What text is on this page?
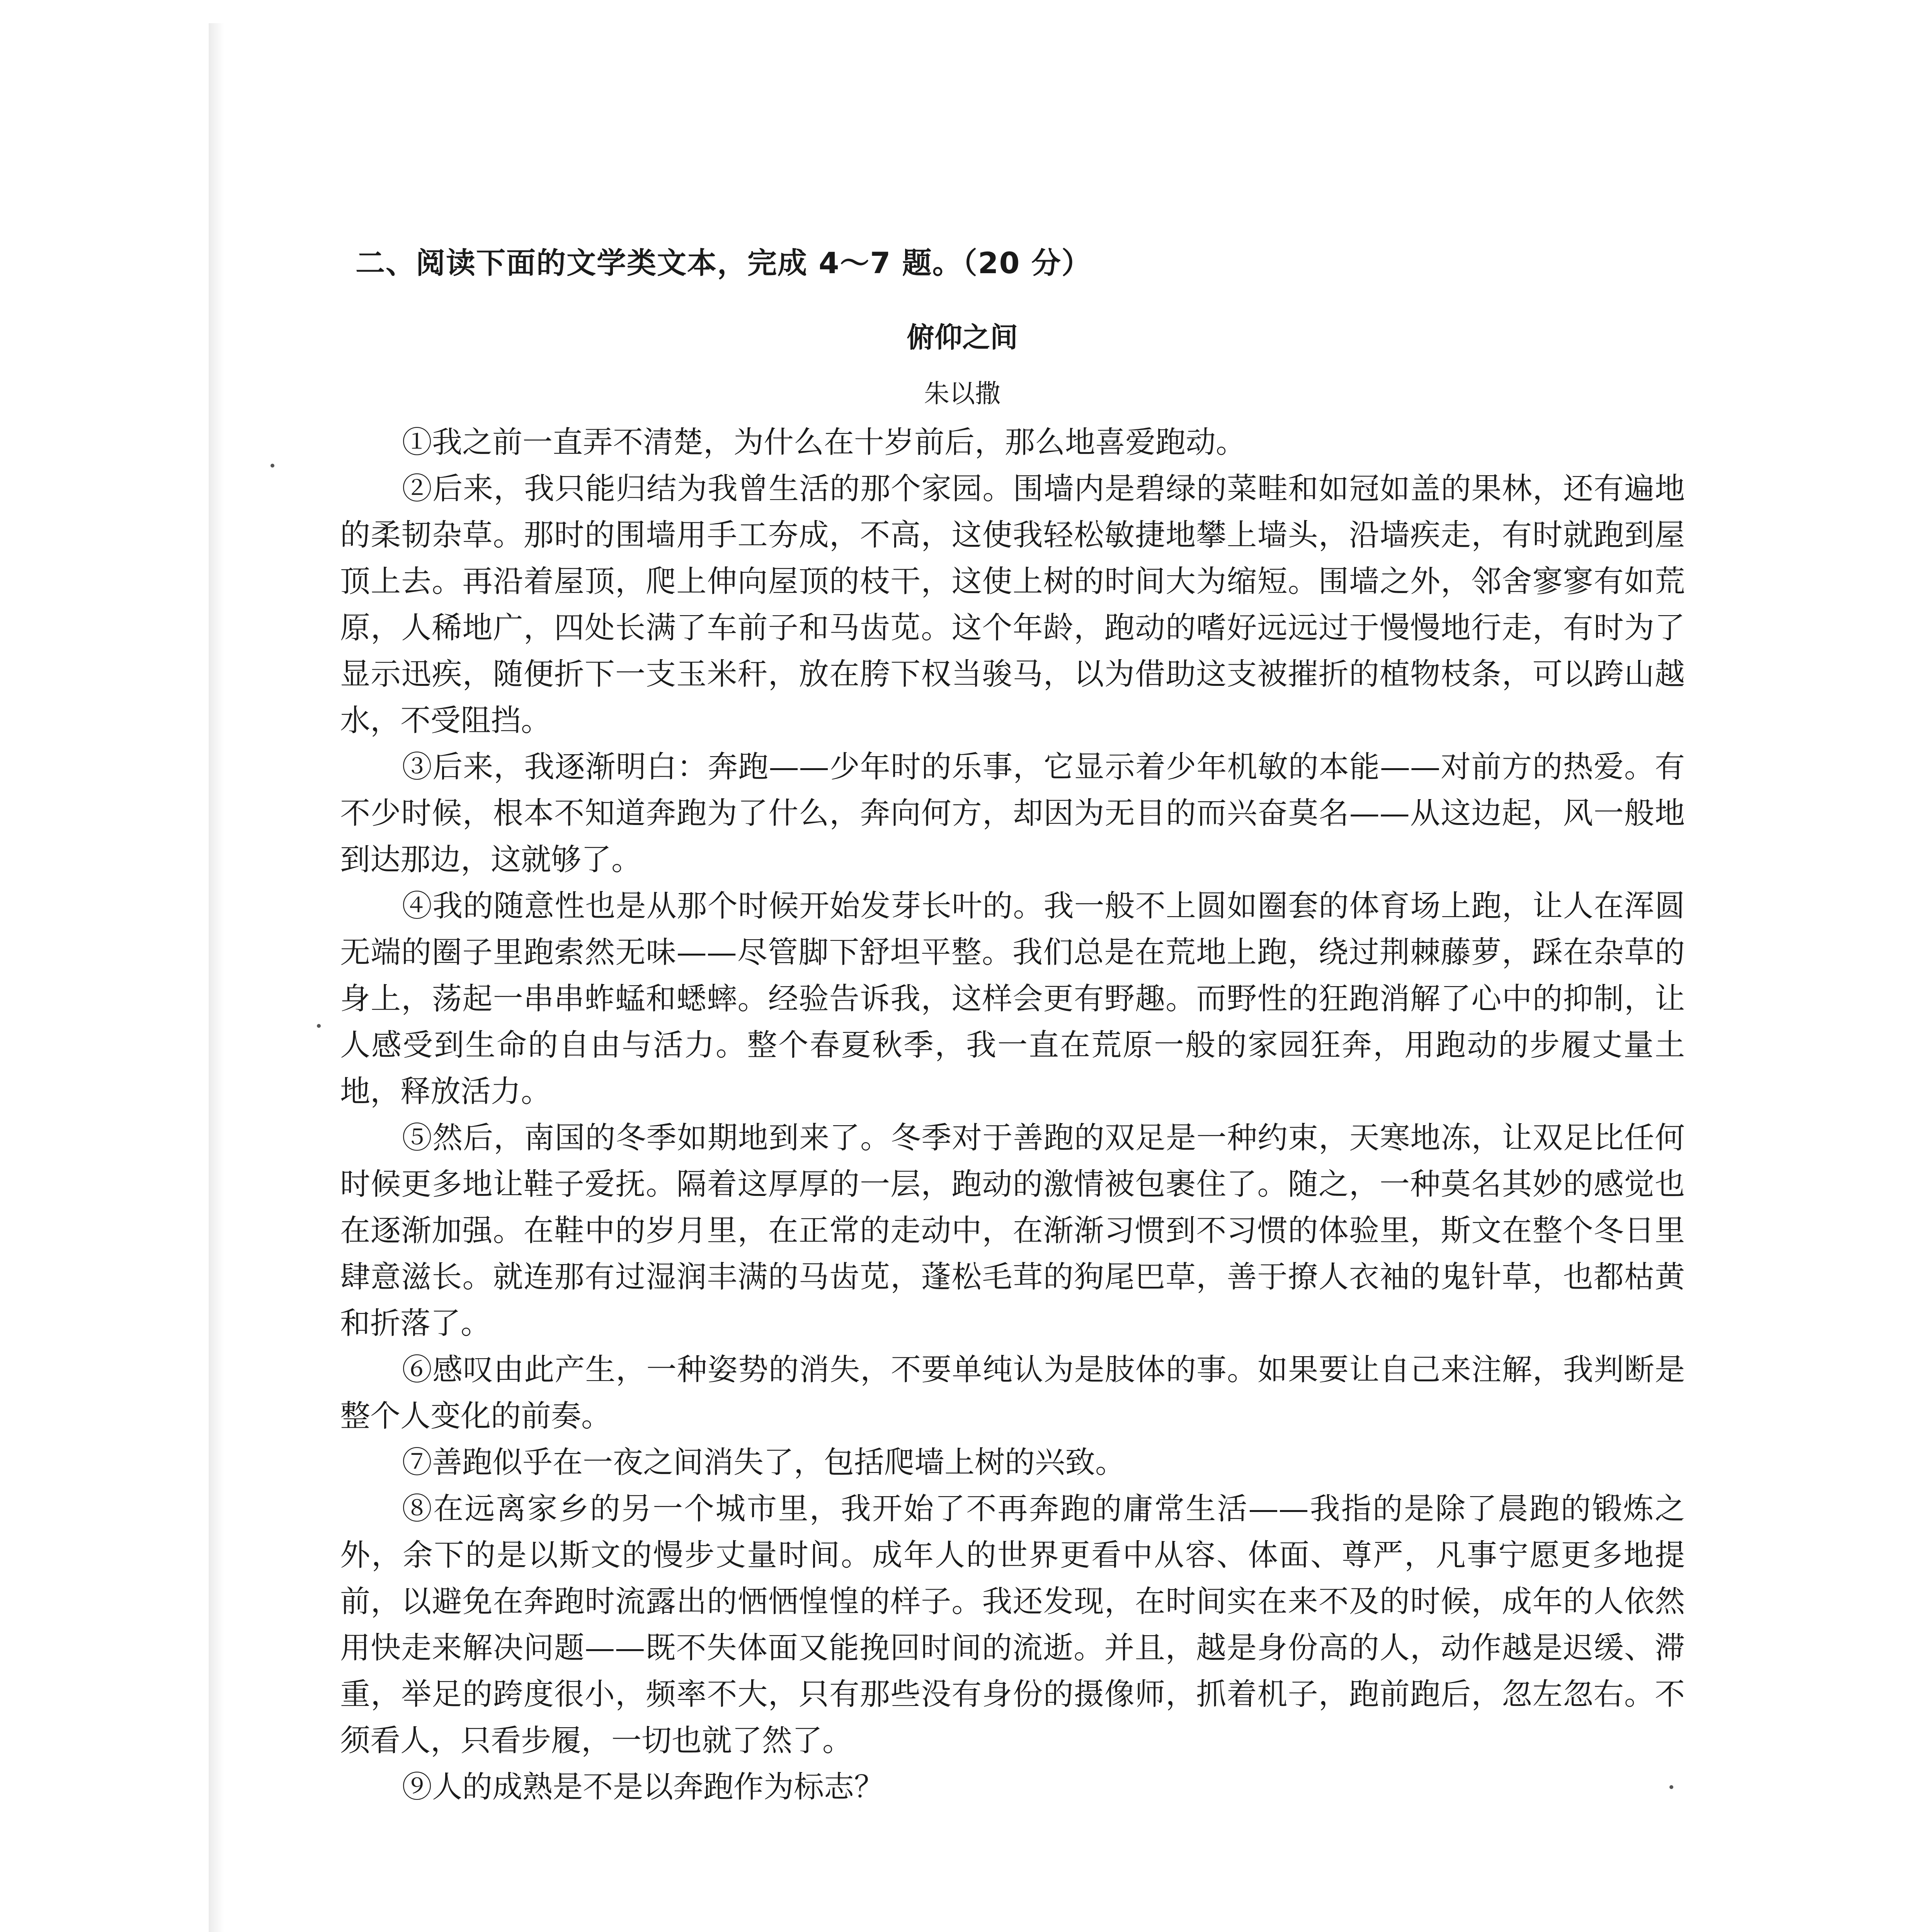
二、阅读下面的文学类文本，完成 4～7 题。（20 分）
俯仰之间
朱以撒

①我之前一直弄不清楚，为什么在十岁前后，那么地喜爱跑动。

②后来，我只能归结为我曾生活的那个家园。围墙内是碧绿的菜畦和如冠如盖的果林，还有遍地的柔韧杂草。那时的围墙用手工夯成，不高，这使我轻松敏捷地攀上墙头，沿墙疾走，有时就跑到屋顶上去。再沿着屋顶，爬上伸向屋顶的枝干，这使上树的时间大为缩短。围墙之外，邻舍寥寥有如荒原，人稀地广，四处长满了车前子和马齿苋。这个年龄，跑动的嗜好远远过于慢慢地行走，有时为了显示迅疾，随便折下一支玉米秆，放在胯下权当骏马，以为借助这支被摧折的植物枝条，可以跨山越水，不受阻挡。

③后来，我逐渐明白：奔跑——少年时的乐事，它显示着少年机敏的本能——对前方的热爱。有不少时候，根本不知道奔跑为了什么，奔向何方，却因为无目的而兴奋莫名——从这边起，风一般地到达那边，这就够了。

④我的随意性也是从那个时候开始发芽长叶的。我一般不上圆如圈套的体育场上跑，让人在浑圆无端的圈子里跑索然无味——尽管脚下舒坦平整。我们总是在荒地上跑，绕过荆棘藤萝，踩在杂草的身上，荡起一串串蚱蜢和蟋蟀。经验告诉我，这样会更有野趣。而野性的狂跑消解了心中的抑制，让人感受到生命的自由与活力。整个春夏秋季，我一直在荒原一般的家园狂奔，用跑动的步履丈量土地，释放活力。

⑤然后，南国的冬季如期地到来了。冬季对于善跑的双足是一种约束，天寒地冻，让双足比任何时候更多地让鞋子爱抚。隔着这厚厚的一层，跑动的激情被包裹住了。随之，一种莫名其妙的感觉也在逐渐加强。在鞋中的岁月里，在正常的走动中，在渐渐习惯到不习惯的体验里，斯文在整个冬日里肆意滋长。就连那有过湿润丰满的马齿苋，蓬松毛茸的狗尾巴草，善于撩人衣袖的鬼针草，也都枯黄和折落了。

⑥感叹由此产生，一种姿势的消失，不要单纯认为是肢体的事。如果要让自己来注解，我判断是整个人变化的前奏。

⑦善跑似乎在一夜之间消失了，包括爬墙上树的兴致。

⑧在远离家乡的另一个城市里，我开始了不再奔跑的庸常生活——我指的是除了晨跑的锻炼之外，余下的是以斯文的慢步丈量时间。成年人的世界更看中从容、体面、尊严，凡事宁愿更多地提前，以避免在奔跑时流露出的恓恓惶惶的样子。我还发现，在时间实在来不及的时候，成年的人依然用快走来解决问题——既不失体面又能挽回时间的流逝。并且，越是身份高的人，动作越是迟缓、滞重，举足的跨度很小，频率不大，只有那些没有身份的摄像师，抓着机子，跑前跑后，忽左忽右。不须看人，只看步履，一切也就了然了。

⑨人的成熟是不是以奔跑作为标志？
